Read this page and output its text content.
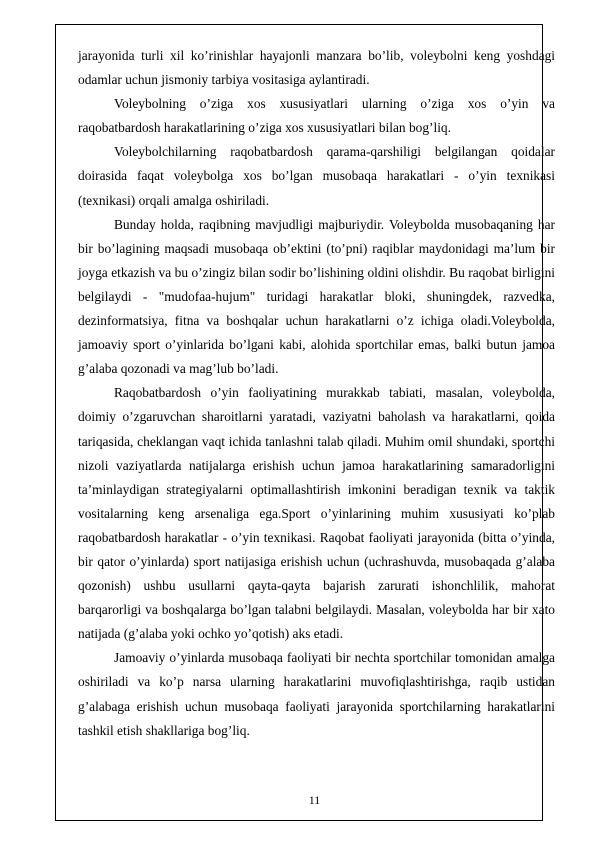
jarayonida turli xil ko’rinishlar hayajonli manzara bo’lib, voleybolni keng yoshdagi odamlar uchun jismoniy tarbiya vositasiga aylantiradi.

Voleybolning o’ziga xos xususiyatlari ularning o’ziga xos o’yin va raqobatbardosh harakatlarining o’ziga xos xususiyatlari bilan bog’liq.

Voleybolchilarning raqobatbardosh qarama-qarshiligi belgilangan qoidalar doirasida faqat voleybolga xos bo’lgan musobaqa harakatlari - o’yin texnikasi (texnikasi) orqali amalga oshiriladi.

Bunday holda, raqibning mavjudligi majburiydir. Voleybolda musobaqaning har bir bo’lagining maqsadi musobaqa ob’ektini (to’pni) raqiblar maydonidagi ma’lum bir joyga etkazish va bu o’zingiz bilan sodir bo’lishining oldini olishdir. Bu raqobat birligini belgilaydi - "mudofaa-hujum" turidagi harakatlar bloki, shuningdek, razvedka, dezinformatsiya, fitna va boshqalar uchun harakatlarni o’z ichiga oladi.Voleybolda, jamoaviy sport o’yinlarida bo’lgani kabi, alohida sportchilar emas, balki butun jamoa g’alaba qozonadi va mag’lub bo’ladi.

Raqobatbardosh o’yin faoliyatining murakkab tabiati, masalan, voleybolda, doimiy o’zgaruvchan sharoitlarni yaratadi, vaziyatni baholash va harakatlarni, qoida tariqasida, cheklangan vaqt ichida tanlashni talab qiladi. Muhim omil shundaki, sportchi nizoli vaziyatlarda natijalarga erishish uchun jamoa harakatlarining samaradorligini ta’minlaydigan strategiyalarni optimallashtirish imkonini beradigan texnik va taktik vositalarning keng arsenaliga ega.Sport o’yinlarining muhim xususiyati ko’plab raqobatbardosh harakatlar - o’yin texnikasi. Raqobat faoliyati jarayonida (bitta o’yinda, bir qator o’yinlarda) sport natijasiga erishish uchun (uchrashuvda, musobaqada g’alaba qozonish) ushbu usullarni qayta-qayta bajarish zarurati ishonchlilik, mahorat barqarorligi va boshqalarga bo’lgan talabni belgilaydi. Masalan, voleybolda har bir xato natijada (g’alaba yoki ochko yo’qotish) aks etadi.

Jamoaviy o’yinlarda musobaqa faoliyati bir nechta sportchilar tomonidan amalga oshiriladi va ko’p narsa ularning harakatlarini muvofiqlashtirishga, raqib ustidan g’alabaga erishish uchun musobaqa faoliyati jarayonida sportchilarning harakatlarini tashkil etish shakllariga bog’liq.

11
